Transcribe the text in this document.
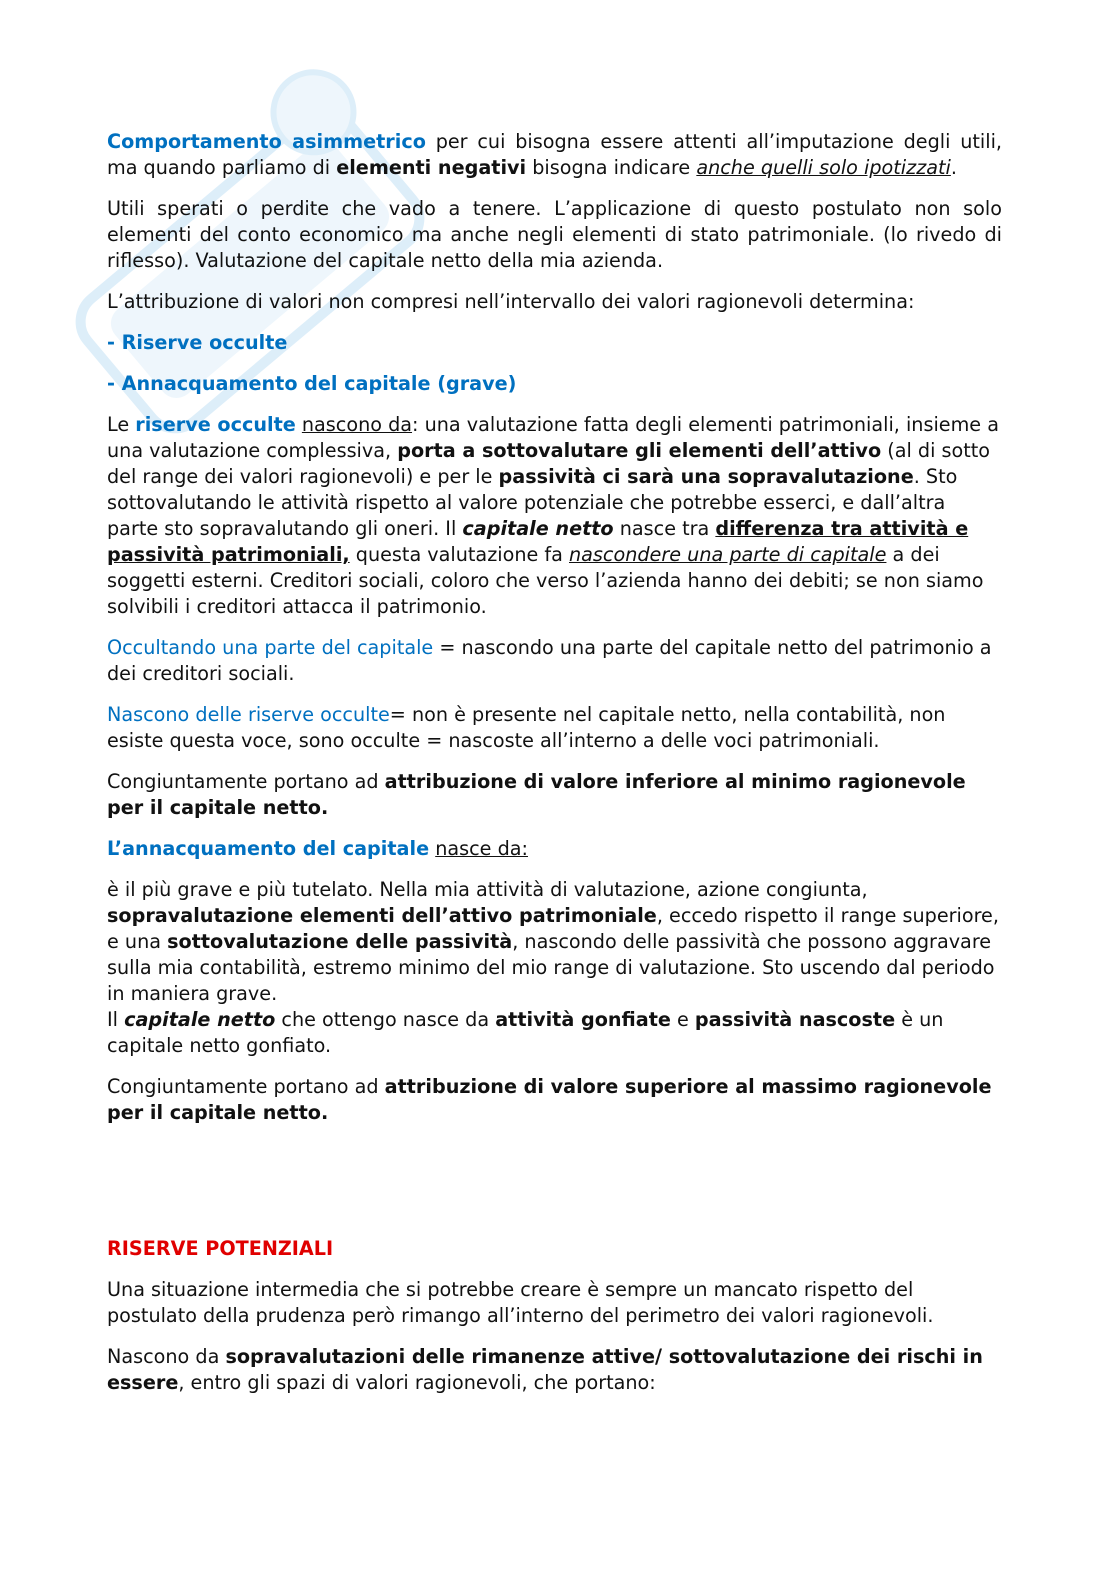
Comportamento asimmetrico per cui bisogna essere attenti all’imputazione degli utili, ma quando parliamo di elementi negativi bisogna indicare anche quelli solo ipotizzati.

Utili sperati o perdite che vado a tenere. L’applicazione di questo postulato non solo elementi del conto economico ma anche negli elementi di stato patrimoniale. (lo rivedo di riflesso). Valutazione del capitale netto della mia azienda.

L’attribuzione di valori non compresi nell’intervallo dei valori ragionevoli determina:

- Riserve occulte

- Annacquamento del capitale (grave)

Le riserve occulte nascono da: una valutazione fatta degli elementi patrimoniali, insieme a una valutazione complessiva, porta a sottovalutare gli elementi dell’attivo (al di sotto del range dei valori ragionevoli) e per le passività ci sarà una sopravalutazione. Sto sottovalutando le attività rispetto al valore potenziale che potrebbe esserci, e dall’altra parte sto sopravalutando gli oneri. Il capitale netto nasce tra differenza tra attività e passività patrimoniali, questa valutazione fa nascondere una parte di capitale a dei soggetti esterni. Creditori sociali, coloro che verso l’azienda hanno dei debiti; se non siamo solvibili i creditori attacca il patrimonio.

Occultando una parte del capitale = nascondo una parte del capitale netto del patrimonio a dei creditori sociali.

Nascono delle riserve occulte= non è presente nel capitale netto, nella contabilità, non esiste questa voce, sono occulte = nascoste all’interno a delle voci patrimoniali.

Congiuntamente portano ad attribuzione di valore inferiore al minimo ragionevole per il capitale netto.

L’annacquamento del capitale nasce da:

è il più grave e più tutelato. Nella mia attività di valutazione, azione congiunta, sopravalutazione elementi dell’attivo patrimoniale, eccedo rispetto il range superiore, e una sottovalutazione delle passività, nascondo delle passività che possono aggravare sulla mia contabilità, estremo minimo del mio range di valutazione. Sto uscendo dal periodo in maniera grave.
Il capitale netto che ottengo nasce da attività gonfiate e passività nascoste è un capitale netto gonfiato.

Congiuntamente portano ad attribuzione di valore superiore al massimo ragionevole per il capitale netto.

RISERVE POTENZIALI

Una situazione intermedia che si potrebbe creare è sempre un mancato rispetto del postulato della prudenza però rimango all’interno del perimetro dei valori ragionevoli.

Nascono da sopravalutazioni delle rimanenze attive/ sottovalutazione dei rischi in essere, entro gli spazi di valori ragionevoli, che portano:
